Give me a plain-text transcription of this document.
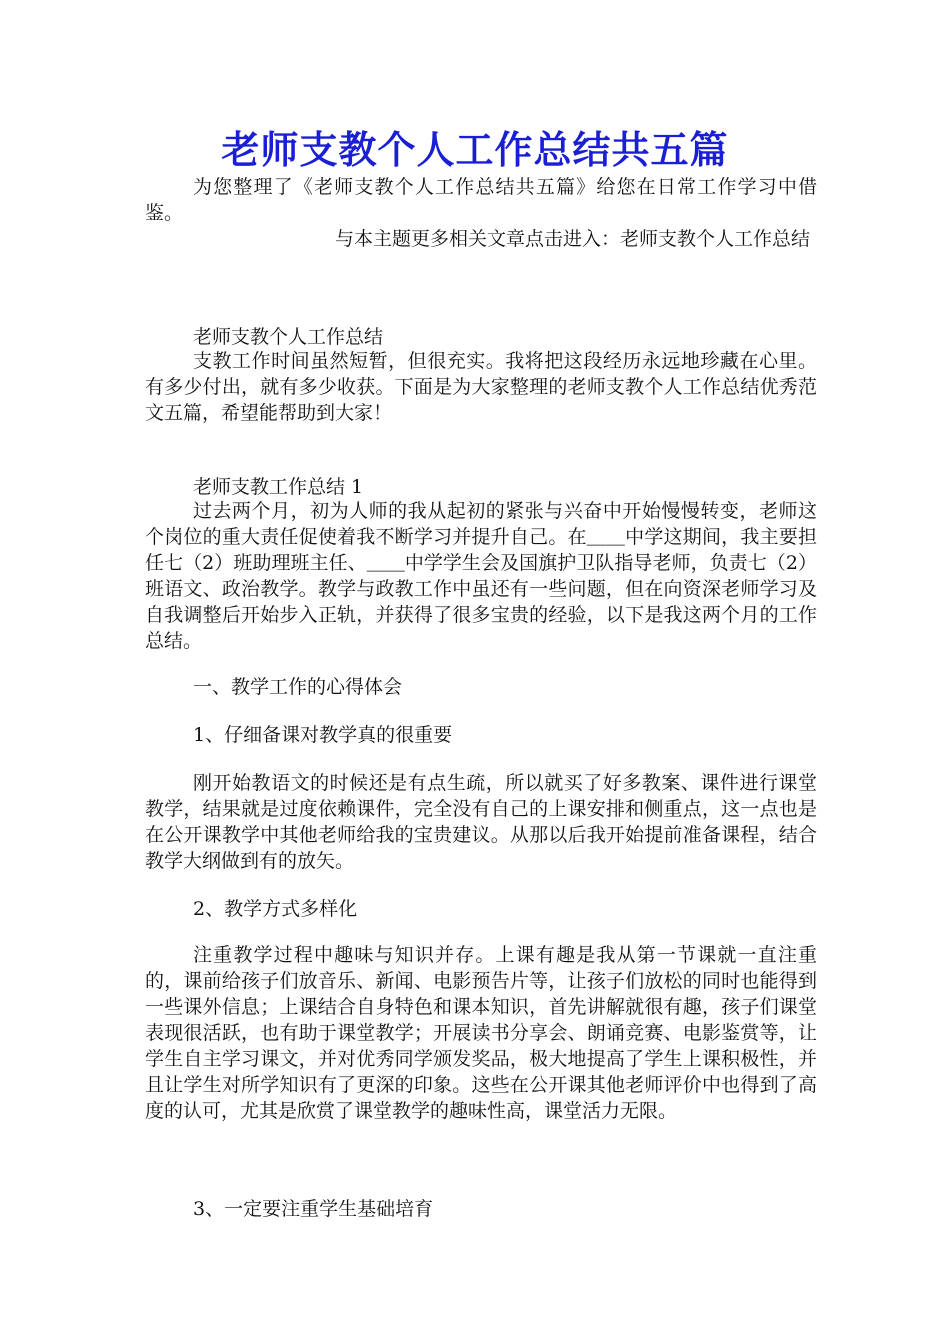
老师支教个人工作总结共五篇

为您整理了《老师支教个人工作总结共五篇》给您在日常工作学习中借鉴。

与本主题更多相关文章点击进入：老师支教个人工作总结

老师支教个人工作总结

支教工作时间虽然短暂，但很充实。我将把这段经历永远地珍藏在心里。有多少付出，就有多少收获。下面是为大家整理的老师支教个人工作总结优秀范文五篇，希望能帮助到大家！

老师支教工作总结 1

过去两个月，初为人师的我从起初的紧张与兴奋中开始慢慢转变，老师这个岗位的重大责任促使着我不断学习并提升自己。在＿＿中学这期间，我主要担任七（2）班助理班主任、＿＿中学学生会及国旗护卫队指导老师，负责七（2）班语文、政治教学。教学与政教工作中虽还有一些问题，但在向资深老师学习及自我调整后开始步入正轨，并获得了很多宝贵的经验，以下是我这两个月的工作总结。

一、教学工作的心得体会

1、仔细备课对教学真的很重要

刚开始教语文的时候还是有点生疏，所以就买了好多教案、课件进行课堂教学，结果就是过度依赖课件，完全没有自己的上课安排和侧重点，这一点也是在公开课教学中其他老师给我的宝贵建议。从那以后我开始提前准备课程，结合教学大纲做到有的放矢。

2、教学方式多样化

注重教学过程中趣味与知识并存。上课有趣是我从第一节课就一直注重的，课前给孩子们放音乐、新闻、电影预告片等，让孩子们放松的同时也能得到一些课外信息；上课结合自身特色和课本知识，首先讲解就很有趣，孩子们课堂表现很活跃，也有助于课堂教学；开展读书分享会、朗诵竞赛、电影鉴赏等，让学生自主学习课文，并对优秀同学颁发奖品，极大地提高了学生上课积极性，并且让学生对所学知识有了更深的印象。这些在公开课其他老师评价中也得到了高度的认可，尤其是欣赏了课堂教学的趣味性高，课堂活力无限。

3、一定要注重学生基础培育
